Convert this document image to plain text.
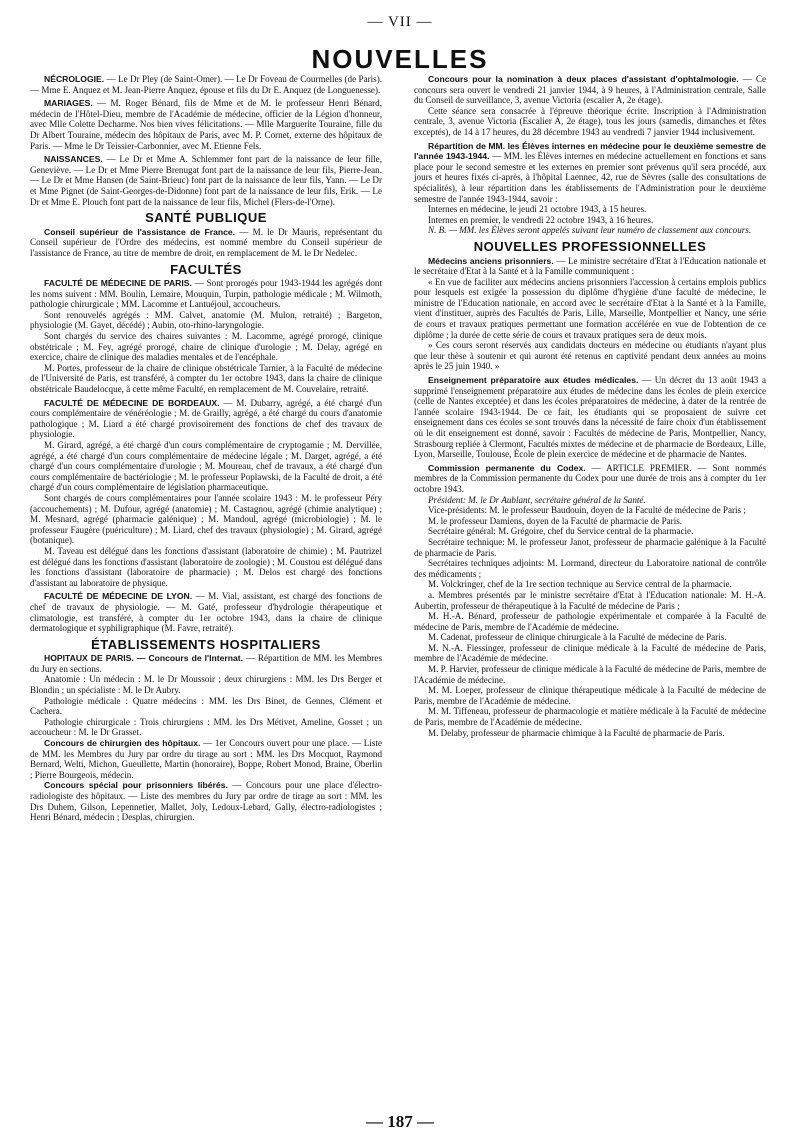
— VII —
NOUVELLES

NÉCROLOGIE. — Le Dr Pley (de Saint-Omer). — Le Dr Foveau de Courmelles (de Paris). — Mme E. Anquez et M. Jean-Pierre Anquez, épouse et fils du Dr E. Anquez (de Longuenesse).

MARIAGES. — M. Roger Bénard, fils de Mme et de M. le professeur Henri Bénard, médecin de l'Hôtel-Dieu, membre de l'Académie de médecine, officier de la Légion d'honneur, avec Mlle Colette Decharme. Nos bien vives félicitations. — Mlle Marguerite Touraine, fille du Dr Albert Touraine, médecin des hôpitaux de Paris, avec M. P. Cornet, externe des hôpitaux de Paris. — Mme le Dr Teissier-Carbonnier, avec M. Etienne Fels.

NAISSANCES. — Le Dr et Mme A. Schlemmer font part de la naissance de leur fille, Geneviève. — Le Dr et Mme Pierre Brenugat font part de la naissance de leur fils, Pierre-Jean. — Le Dr et Mme Hansen (de Saint-Brieuc) font part de la naissance de leur fils, Yann. — Le Dr et Mme Pignet (de Saint-Georges-de-Didonne) font part de la naissance de leur fils, Erik. — Le Dr et Mme E. Plouch font part de la naissance de leur fils, Michel (Flers-de-l'Orne).

SANTÉ PUBLIQUE

Conseil supérieur de l'assistance de France. — M. le Dr Mauris, représentant du Conseil supérieur de l'Ordre des médecins, est nommé membre du Conseil supérieur de l'assistance de France, au titre de membre de droit, en remplacement de M. le Dr Nedelec.

FACULTÉS

FACULTÉ DE MÉDECINE DE PARIS. — Sont prorogés pour 1943-1944 les agrégés dont les noms suivent : MM. Boulin, Lemaire, Mouquin, Turpin, pathologie médicale ; M. Wilmoth, pathologie chirurgicale ; MM. Lacomme et Lantuéjoul, accoucheurs.

Sont renouvelés agrégés : MM. Calvet, anatomie (M. Mulon, retraité) ; Bargeton, physiologie (M. Gayet, décédé) ; Aubin, oto-rhino-laryngologie.

Sont chargés du service des chaires suivantes : M. Lacomme, agrégé prorogé, clinique obstétricale ; M. Fey, agrégé prorogé, chaire de clinique d'urologie ; M. Delay, agrégé en exercice, chaire de clinique des maladies mentales et de l'encéphale.

M. Portes, professeur de la chaire de clinique obstétricale Tarnier, à la Faculté de médecine de l'Université de Paris, est transféré, à compter du 1er octobre 1943, dans la chaire de clinique obstétricale Baudelocque, à cette même Faculté, en remplacement de M. Couvelaire, retraité.

FACULTÉ DE MÉDECINE DE BORDEAUX. — M. Dubarry, agrégé, a été chargé d'un cours complémentaire de vénéréologie ; M. de Grailly, agrégé, a été chargé du cours d'anatomie pathologique ; M. Liard a été chargé provisoirement des fonctions de chef des travaux de physiologie.

M. Girard, agrégé, a été chargé d'un cours complémentaire de cryptogamie ; M. Dervillée, agrégé, a été chargé d'un cours complémentaire de médecine légale ; M. Darget, agrégé, a été chargé d'un cours complémentaire d'urologie ; M. Moureau, chef de travaux, a été chargé d'un cours complémentaire de bactériologie ; M. le professeur Poplawski, de la Faculté de droit, a été chargé d'un cours complémentaire de législation pharmaceutique.

Sont chargés de cours complémentaires pour l'année scolaire 1943 : M. le professeur Péry (accouchements) ; M. Dufour, agrégé (anatomie) ; M. Castagnou, agrégé (chimie analytique) ; M. Mesnard, agrégé (pharmacie galénique) ; M. Mandoul, agrégé (microbiologie) ; M. le professeur Faugère (puériculture) ; M. Liard, chef des travaux (physiologie) ; M. Girard, agrégé (botanique).

M. Taveau est délégué dans les fonctions d'assistant (laboratoire de chimie) ; M. Pautrizel est délégué dans les fonctions d'assistant (laboratoire de zoologie) ; M. Coustou est délégué dans les fonctions d'assistant (laboratoire de pharmacie) ; M. Delos est chargé des fonctions d'assistant au laboratoire de physique.

FACULTÉ DE MÉDECINE DE LYON. — M. Vial, assistant, est chargé des fonctions de chef de travaux de physiologie. — M. Gaté, professeur d'hydrologie thérapeutique et climatologie, est transféré, à compter du 1er octobre 1943, dans la chaire de clinique dermatologique et syphiligraphique (M. Favre, retraité).

ÉTABLISSEMENTS HOSPITALIERS

HOPITAUX DE PARIS. — Concours de l'Internat. — Répartition de MM. les Membres du Jury en sections.

Anatomie : Un médecin : M. le Dr Moussoir ; deux chirurgiens : MM. les Drs Berger et Blondin ; un spécialiste : M. le Dr Aubry.

Pathologie médicale : Quatre médecins : MM. les Drs Binet, de Gennes, Clément et Cachera.

Pathologie chirurgicale : Trois chirurgiens : MM. les Drs Métivet, Ameline, Gosset ; un accoucheur : M. le Dr Grasset.

Concours de chirurgien des hôpitaux. — 1er Concours ouvert pour une place. — Liste de MM. les Membres du Jury par ordre du tirage au sort : MM. les Drs Mocquot, Raymond Bernard, Welti, Michon, Gueullette, Martin (honoraire), Boppe, Robert Monod, Braine, Oberlin ; Pierre Bourgeois, médecin.

Concours spécial pour prisonniers libérés. — Concours pour une place d'électro-radiologiste des hôpitaux. — Liste des membres du Jury par ordre de tirage au sort : MM. les Drs Duhem, Gilson, Lepennetier, Mallet, Joly, Ledoux-Lebard, Gally, électro-radiologistes ; Henri Bénard, médecin ; Desplas, chirurgien.

Concours pour la nomination à deux places d'assistant d'ophtalmologie. — Ce concours sera ouvert le vendredi 21 janvier 1944, à 9 heures, à l'Administration centrale, Salle du Conseil de surveillance, 3, avenue Victoria (escalier A, 2e étage).

Cette séance sera consacrée à l'épreuve théorique écrite. Inscription à l'Administration centrale, 3, avenue Victoria (Escalier A, 2e étage), tous les jours (samedis, dimanches et fêtes exceptés), de 14 à 17 heures, du 28 décembre 1943 au vendredi 7 janvier 1944 inclusivement.

Répartition de MM. les Élèves internes en médecine pour le deuxième semestre de l'année 1943-1944. — MM. les Élèves internes en médecine actuellement en fonctions et sans place pour le second semestre et les externes en premier sont prévenus qu'il sera procédé, aux jours et heures fixés ci-après, à l'hôpital Laennec, 42, rue de Sèvres (salle des consultations de spécialités), à leur répartition dans les établissements de l'Administration pour le deuxième semestre de l'année 1943-1944, savoir :

Internes en médecine, le jeudi 21 octobre 1943, à 15 heures.

Internes en premier, le vendredi 22 octobre 1943, à 16 heures.

N. B. — MM. les Élèves seront appelés suivant leur numéro de classement aux concours.

NOUVELLES PROFESSIONNELLES

Médecins anciens prisonniers. — Le ministre secrétaire d'Etat à l'Education nationale et le secrétaire d'Etat à la Santé et à la Famille communiquent :

« En vue de faciliter aux médecins anciens prisonniers l'accession à certains emplois publics pour lesquels est exigée la possession du diplôme d'hygiène d'une faculté de médecine, le ministre de l'Education nationale, en accord avec le secrétaire d'Etat à la Santé et à la Famille, vient d'instituer, auprès des Facultés de Paris, Lille, Marseille, Montpellier et Nancy, une série de cours et travaux pratiques permettant une formation accélérée en vue de l'obtention de ce diplôme ; la durée de cette série de cours et travaux pratiques sera de deux mois.

» Ces cours seront réservés aux candidats docteurs en médecine ou étudiants n'ayant plus que leur thèse à soutenir et qui auront été retenus en captivité pendant deux années au moins après le 25 juin 1940. »

Enseignement préparatoire aux études médicales. — Un décret du 13 août 1943 a supprimé l'enseignement préparatoire aux études de médecine dans les écoles de plein exercice (celle de Nantes exceptée) et dans les écoles préparatoires de médecine, à dater de la rentrée de l'année scolaire 1943-1944. De ce fait, les étudiants qui se proposaient de suivre cet enseignement dans ces écoles se sont trouvés dans la nécessité de faire choix d'un établissement où le dit enseignement est donné, savoir : Facultés de médecine de Paris, Montpellier, Nancy, Strasbourg repliée à Clermont, Facultés mixtes de médecine et de pharmacie de Bordeaux, Lille, Lyon, Marseille, Toulouse, École de plein exercice de médecine et de pharmacie de Nantes.

Commission permanente du Codex. — ARTICLE PREMIER. — Sont nommés membres de la Commission permanente du Codex pour une durée de trois ans à compter du 1er octobre 1943.

Président: M. le Dr Aublant, secrétaire général de la Santé.

Vice-présidents: M. le professeur Baudouin, doyen de la Faculté de médecine de Paris ;

M. le professeur Damiens, doyen de la Faculté de pharmacie de Paris.

Secrétaire général: M. Grégoire, chef du Service central de la pharmacie.

Secrétaire technique: M. le professeur Janot, professeur de pharmacie galénique à la Faculté de pharmacie de Paris.

Secrétaires techniques adjoints: M. Lormand, directeur du Laboratoire national de contrôle des médicaments ;

M. Volckringer, chef de la 1re section technique au Service central de la pharmacie.

a. Membres présentés par le ministre secrétaire d'Etat à l'Education nationale: M. H.-A. Aubertin, professeur de thérapeutique à la Faculté de médecine de Paris ;

M. H.-A. Bénard, professeur de pathologie expérimentale et comparée à la Faculté de médecine de Paris, membre de l'Académie de médecine.

M. Cadenat, professeur de clinique chirurgicale à la Faculté de médecine de Paris.

M. N.-A. Fiessinger, professeur de clinique médicale à la Faculté de médecine de Paris, membre de l'Académie de médecine.

M. P. Harvier, professeur de clinique médicale à la Faculté de médecine de Paris, membre de l'Académie de médecine.

M. M. Loeper, professeur de clinique thérapeutique médicale à la Faculté de médecine de Paris, membre de l'Académie de médecine.

M. M. Tiffeneau, professeur de pharmacologie et matière médicale à la Faculté de médecine de Paris, membre de l'Académie de médecine.

M. Delaby, professeur de pharmacie chimique à la Faculté de pharmacie de Paris.

— 187 —
